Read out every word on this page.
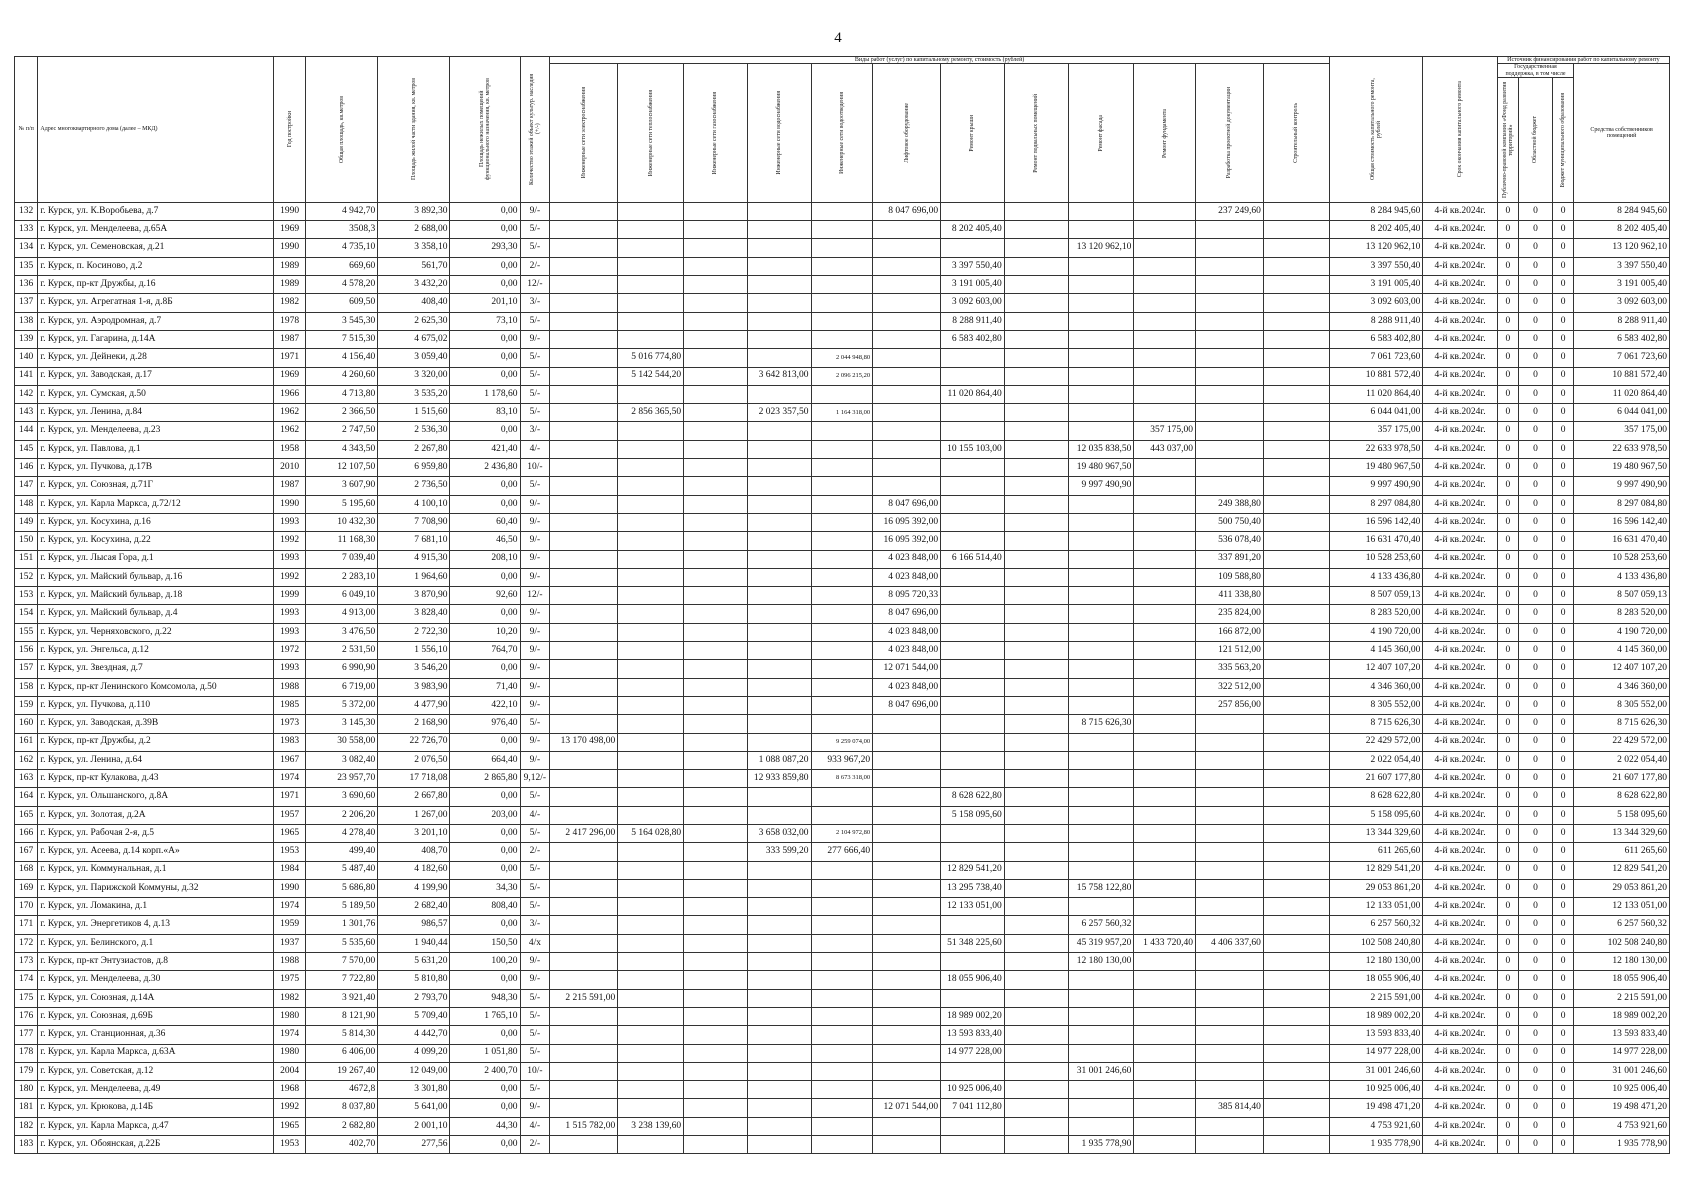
4
№ п/п	Адрес многоквартирного дома (далее – МКД)	Год постройки	Общая площадь, кв.метров	Площадь жилой части здания, кв. метров	Площадь нежилых помещений функционального назначения, кв. метров	Количество этажей объект культур. наследия (+/-)	Виды работ (услуг) по капитальному ремонту, стоимость (рублей)												Общая стоимость капитального ремонта, рублей	Срок окончания капитального ремонта	Источник финансирования работ по капитальному ремонту			

							Инженерные сети электроснабжения	Инженерные сети теплоснабжения	Инженерные сети газоснабжения	Инженерные сети водоснабжения	Инженерные сети водоотведения	Лифтовое оборудование	Ремонт крыши	Ремонт подвальных помещений	Ремонт фасада	Ремонт фундамента	Разработка проектной документации	Строительный контроль			Государственная поддержка, в том числе			Средства собственников помещений

																					Публично-правовой компании «Фонд развития территорий»	Областной бюджет	Бюджет муниципального образования	

132	г. Курск, ул. К.Воробьева, д.7	1990	4 942,70	3 892,30	0,00	9/-						8 047 696,00					237 249,60		8 284 945,60	4-й кв.2024г.	0	0	0	8 284 945,60
133	г. Курск, ул. Менделеева, д.65А	1969	3508,3	2 688,00	0,00	5/-							8 202 405,40						8 202 405,40	4-й кв.2024г.	0	0	0	8 202 405,40
134	г. Курск, ул. Семеновская, д.21	1990	4 735,10	3 358,10	293,30	5/-									13 120 962,10				13 120 962,10	4-й кв.2024г.	0	0	0	13 120 962,10
135	г. Курск, п. Косиново, д.2	1989	669,60	561,70	0,00	2/-							3 397 550,40						3 397 550,40	4-й кв.2024г.	0	0	0	3 397 550,40
136	г. Курск, пр-кт Дружбы, д.16	1989	4 578,20	3 432,20	0,00	12/-							3 191 005,40						3 191 005,40	4-й кв.2024г.	0	0	0	3 191 005,40
137	г. Курск, ул. Агрегатная 1-я, д.8Б	1982	609,50	408,40	201,10	3/-							3 092 603,00						3 092 603,00	4-й кв.2024г.	0	0	0	3 092 603,00
138	г. Курск, ул. Аэродромная, д.7	1978	3 545,30	2 625,30	73,10	5/-							8 288 911,40						8 288 911,40	4-й кв.2024г.	0	0	0	8 288 911,40
139	г. Курск, ул. Гагарина, д.14А	1987	7 515,30	4 675,02	0,00	9/-							6 583 402,80						6 583 402,80	4-й кв.2024г.	0	0	0	6 583 402,80
140	г. Курск, ул. Дейнеки, д.28	1971	4 156,40	3 059,40	0,00	5/-		5 016 774,80			2 044 948,80								7 061 723,60	4-й кв.2024г.	0	0	0	7 061 723,60
141	г. Курск, ул. Заводская, д.17	1969	4 260,60	3 320,00	0,00	5/-		5 142 544,20		3 642 813,00	2 096 215,20								10 881 572,40	4-й кв.2024г.	0	0	0	10 881 572,40
142	г. Курск, ул. Сумская, д.50	1966	4 713,80	3 535,20	1 178,60	5/-							11 020 864,40						11 020 864,40	4-й кв.2024г.	0	0	0	11 020 864,40
143	г. Курск, ул. Ленина, д.84	1962	2 366,50	1 515,60	83,10	5/-		2 856 365,50		2 023 357,50	1 164 318,00								6 044 041,00	4-й кв.2024г.	0	0	0	6 044 041,00
144	г. Курск, ул. Менделеева, д.23	1962	2 747,50	2 536,30	0,00	3/-										357 175,00			357 175,00	4-й кв.2024г.	0	0	0	357 175,00
145	г. Курск, ул. Павлова, д.1	1958	4 343,50	2 267,80	421,40	4/-							10 155 103,00		12 035 838,50	443 037,00			22 633 978,50	4-й кв.2024г.	0	0	0	22 633 978,50
146	г. Курск, ул. Пучкова, д.17В	2010	12 107,50	6 959,80	2 436,80	10/-									19 480 967,50				19 480 967,50	4-й кв.2024г.	0	0	0	19 480 967,50
147	г. Курск, ул. Союзная, д.71Г	1987	3 607,90	2 736,50	0,00	5/-									9 997 490,90				9 997 490,90	4-й кв.2024г.	0	0	0	9 997 490,90
148	г. Курск, ул. Карла Маркса, д.72/12	1990	5 195,60	4 100,10	0,00	9/-						8 047 696,00					249 388,80		8 297 084,80	4-й кв.2024г.	0	0	0	8 297 084,80
149	г. Курск, ул. Косухина, д.16	1993	10 432,30	7 708,90	60,40	9/-						16 095 392,00					500 750,40		16 596 142,40	4-й кв.2024г.	0	0	0	16 596 142,40
150	г. Курск, ул. Косухина, д.22	1992	11 168,30	7 681,10	46,50	9/-						16 095 392,00					536 078,40		16 631 470,40	4-й кв.2024г.	0	0	0	16 631 470,40
151	г. Курск, ул. Лысая Гора, д.1	1993	7 039,40	4 915,30	208,10	9/-						4 023 848,00	6 166 514,40				337 891,20		10 528 253,60	4-й кв.2024г.	0	0	0	10 528 253,60
152	г. Курск, ул. Майский бульвар, д.16	1992	2 283,10	1 964,60	0,00	9/-						4 023 848,00					109 588,80		4 133 436,80	4-й кв.2024г.	0	0	0	4 133 436,80
153	г. Курск, ул. Майский бульвар, д.18	1999	6 049,10	3 870,90	92,60	12/-						8 095 720,33					411 338,80		8 507 059,13	4-й кв.2024г.	0	0	0	8 507 059,13
154	г. Курск, ул. Майский бульвар, д.4	1993	4 913,00	3 828,40	0,00	9/-						8 047 696,00					235 824,00		8 283 520,00	4-й кв.2024г.	0	0	0	8 283 520,00
155	г. Курск, ул. Черняховского, д.22	1993	3 476,50	2 722,30	10,20	9/-						4 023 848,00					166 872,00		4 190 720,00	4-й кв.2024г.	0	0	0	4 190 720,00
156	г. Курск, ул. Энгельса, д.12	1972	2 531,50	1 556,10	764,70	9/-						4 023 848,00					121 512,00		4 145 360,00	4-й кв.2024г.	0	0	0	4 145 360,00
157	г. Курск, ул. Звездная, д.7	1993	6 990,90	3 546,20	0,00	9/-						12 071 544,00					335 563,20		12 407 107,20	4-й кв.2024г.	0	0	0	12 407 107,20
158	г. Курск, пр-кт Ленинского Комсомола, д.50	1988	6 719,00	3 983,90	71,40	9/-						4 023 848,00					322 512,00		4 346 360,00	4-й кв.2024г.	0	0	0	4 346 360,00
159	г. Курск, ул. Пучкова, д.110	1985	5 372,00	4 477,90	422,10	9/-						8 047 696,00					257 856,00		8 305 552,00	4-й кв.2024г.	0	0	0	8 305 552,00
160	г. Курск, ул. Заводская, д.39В	1973	3 145,30	2 168,90	976,40	5/-									8 715 626,30				8 715 626,30	4-й кв.2024г.	0	0	0	8 715 626,30
161	г. Курск, пр-кт Дружбы, д.2	1983	30 558,00	22 726,70	0,00	9/-	13 170 498,00				9 259 074,00								22 429 572,00	4-й кв.2024г.	0	0	0	22 429 572,00
162	г. Курск, ул. Ленина, д.64	1967	3 082,40	2 076,50	664,40	9/-				1 088 087,20	933 967,20								2 022 054,40	4-й кв.2024г.	0	0	0	2 022 054,40
163	г. Курск, пр-кт Кулакова, д.43	1974	23 957,70	17 718,08	2 865,80	9,12/-				12 933 859,80	8 673 318,00								21 607 177,80	4-й кв.2024г.	0	0	0	21 607 177,80
164	г. Курск, ул. Ольшанского, д.8А	1971	3 690,60	2 667,80	0,00	5/-							8 628 622,80						8 628 622,80	4-й кв.2024г.	0	0	0	8 628 622,80
165	г. Курск, ул. Золотая, д.2А	1957	2 206,20	1 267,00	203,00	4/-							5 158 095,60						5 158 095,60	4-й кв.2024г.	0	0	0	5 158 095,60
166	г. Курск, ул. Рабочая 2-я, д.5	1965	4 278,40	3 201,10	0,00	5/-	2 417 296,00	5 164 028,80		3 658 032,00	2 104 972,80								13 344 329,60	4-й кв.2024г.	0	0	0	13 344 329,60
167	г. Курск, ул. Асеева, д.14 корп.«А»	1953	499,40	408,70	0,00	2/-				333 599,20	277 666,40								611 265,60	4-й кв.2024г.	0	0	0	611 265,60
168	г. Курск, ул. Коммунальная, д.1	1984	5 487,40	4 182,60	0,00	5/-							12 829 541,20						12 829 541,20	4-й кв.2024г.	0	0	0	12 829 541,20
169	г. Курск, ул. Парижской Коммуны, д.32	1990	5 686,80	4 199,90	34,30	5/-							13 295 738,40		15 758 122,80				29 053 861,20	4-й кв.2024г.	0	0	0	29 053 861,20
170	г. Курск, ул. Ломакина, д.1	1974	5 189,50	2 682,40	808,40	5/-							12 133 051,00						12 133 051,00	4-й кв.2024г.	0	0	0	12 133 051,00
171	г. Курск, ул. Энергетиков 4, д.13	1959	1 301,76	986,57	0,00	3/-									6 257 560,32				6 257 560,32	4-й кв.2024г.	0	0	0	6 257 560,32
172	г. Курск, ул. Белинского, д.1	1937	5 535,60	1 940,44	150,50	4/х							51 348 225,60		45 319 957,20	1 433 720,40	4 406 337,60		102 508 240,80	4-й кв.2024г.	0	0	0	102 508 240,80
173	г. Курск, пр-кт Энтузиастов, д.8	1988	7 570,00	5 631,20	100,20	9/-									12 180 130,00				12 180 130,00	4-й кв.2024г.	0	0	0	12 180 130,00
174	г. Курск, ул. Менделеева, д.30	1975	7 722,80	5 810,80	0,00	9/-							18 055 906,40						18 055 906,40	4-й кв.2024г.	0	0	0	18 055 906,40
175	г. Курск, ул. Союзная, д.14А	1982	3 921,40	2 793,70	948,30	5/-	2 215 591,00												2 215 591,00	4-й кв.2024г.	0	0	0	2 215 591,00
176	г. Курск, ул. Союзная, д.69Б	1980	8 121,90	5 709,40	1 765,10	5/-							18 989 002,20						18 989 002,20	4-й кв.2024г.	0	0	0	18 989 002,20
177	г. Курск, ул. Станционная, д.36	1974	5 814,30	4 442,70	0,00	5/-							13 593 833,40						13 593 833,40	4-й кв.2024г.	0	0	0	13 593 833,40
178	г. Курск, ул. Карла Маркса, д.63А	1980	6 406,00	4 099,20	1 051,80	5/-							14 977 228,00						14 977 228,00	4-й кв.2024г.	0	0	0	14 977 228,00
179	г. Курск, ул. Советская, д.12	2004	19 267,40	12 049,00	2 400,70	10/-									31 001 246,60				31 001 246,60	4-й кв.2024г.	0	0	0	31 001 246,60
180	г. Курск, ул. Менделеева, д.49	1968	4672,8	3 301,80	0,00	5/-							10 925 006,40						10 925 006,40	4-й кв.2024г.	0	0	0	10 925 006,40
181	г. Курск, ул. Крюкова, д.14Б	1992	8 037,80	5 641,00	0,00	9/-						12 071 544,00	7 041 112,80				385 814,40		19 498 471,20	4-й кв.2024г.	0	0	0	19 498 471,20
182	г. Курск, ул. Карла Маркса, д.47	1965	2 682,80	2 001,10	44,30	4/-	1 515 782,00	3 238 139,60											4 753 921,60	4-й кв.2024г.	0	0	0	4 753 921,60
183	г. Курск, ул. Обоянская, д.22Б	1953	402,70	277,56	0,00	2/-									1 935 778,90				1 935 778,90	4-й кв.2024г.	0	0	0	1 935 778,90
